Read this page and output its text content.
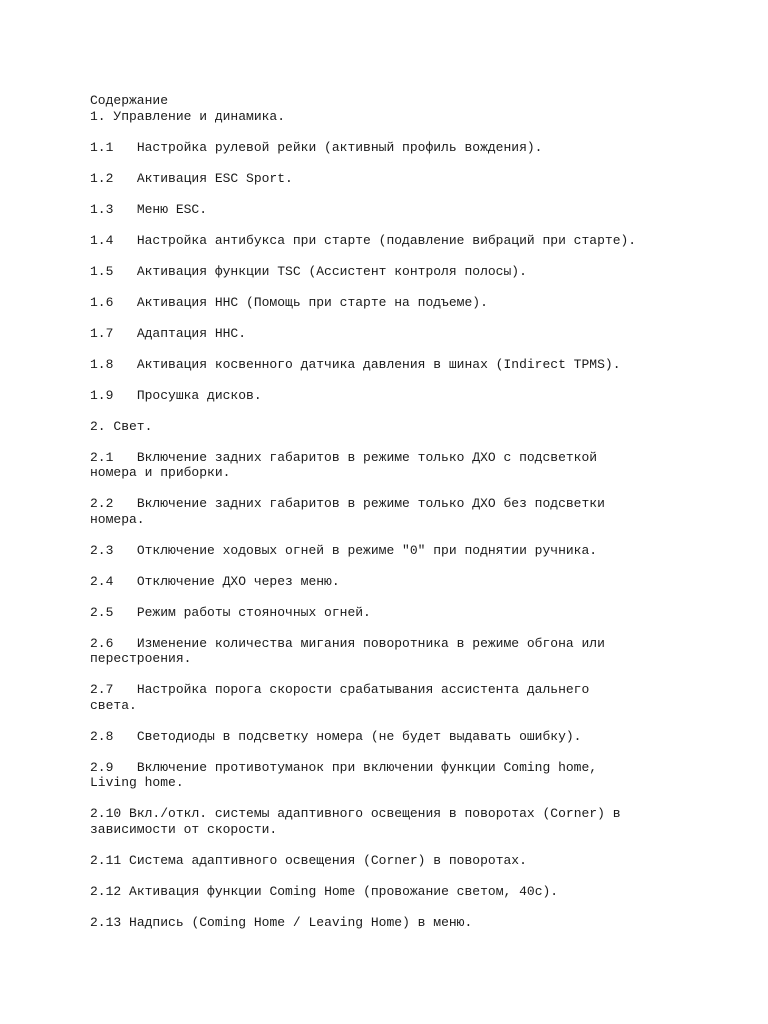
Содержание

1. Управление и динамика.

1.1 Настройка рулевой рейки (активный профиль вождения).

1.2 Активация ESC Sport.

1.3 Меню ESC.

1.4 Настройка антибукса при старте (подавление вибраций при старте).

1.5 Активация функции TSC (Ассистент контроля полосы).

1.6 Активация HHC (Помощь при старте на подъеме).

1.7 Адаптация HHC.

1.8 Активация косвенного датчика давления в шинах (Indirect TPMS).

1.9 Просушка дисков.

2. Свет.

2.1 Включение задних габаритов в режиме только ДХО с подсветкой
номера и приборки.

2.2 Включение задних габаритов в режиме только ДХО без подсветки
номера.

2.3 Отключение ходовых огней в режиме "0" при поднятии ручника.

2.4 Отключение ДХО через меню.

2.5 Режим работы стояночных огней.

2.6 Изменение количества мигания поворотника в режиме обгона или
перестроения.

2.7 Настройка порога скорости срабатывания ассистента дальнего
света.

2.8 Светодиоды в подсветку номера (не будет выдавать ошибку).

2.9 Включение противотуманок при включении функции Coming home,
Living home.

2.10 Вкл./откл. системы адаптивного освещения в поворотах (Corner) в
зависимости от скорости.

2.11 Система адаптивного освещения (Corner) в поворотах.

2.12 Активация функции Coming Home (провожание светом, 40с).

2.13 Надпись (Coming Home / Leaving Home) в меню.
